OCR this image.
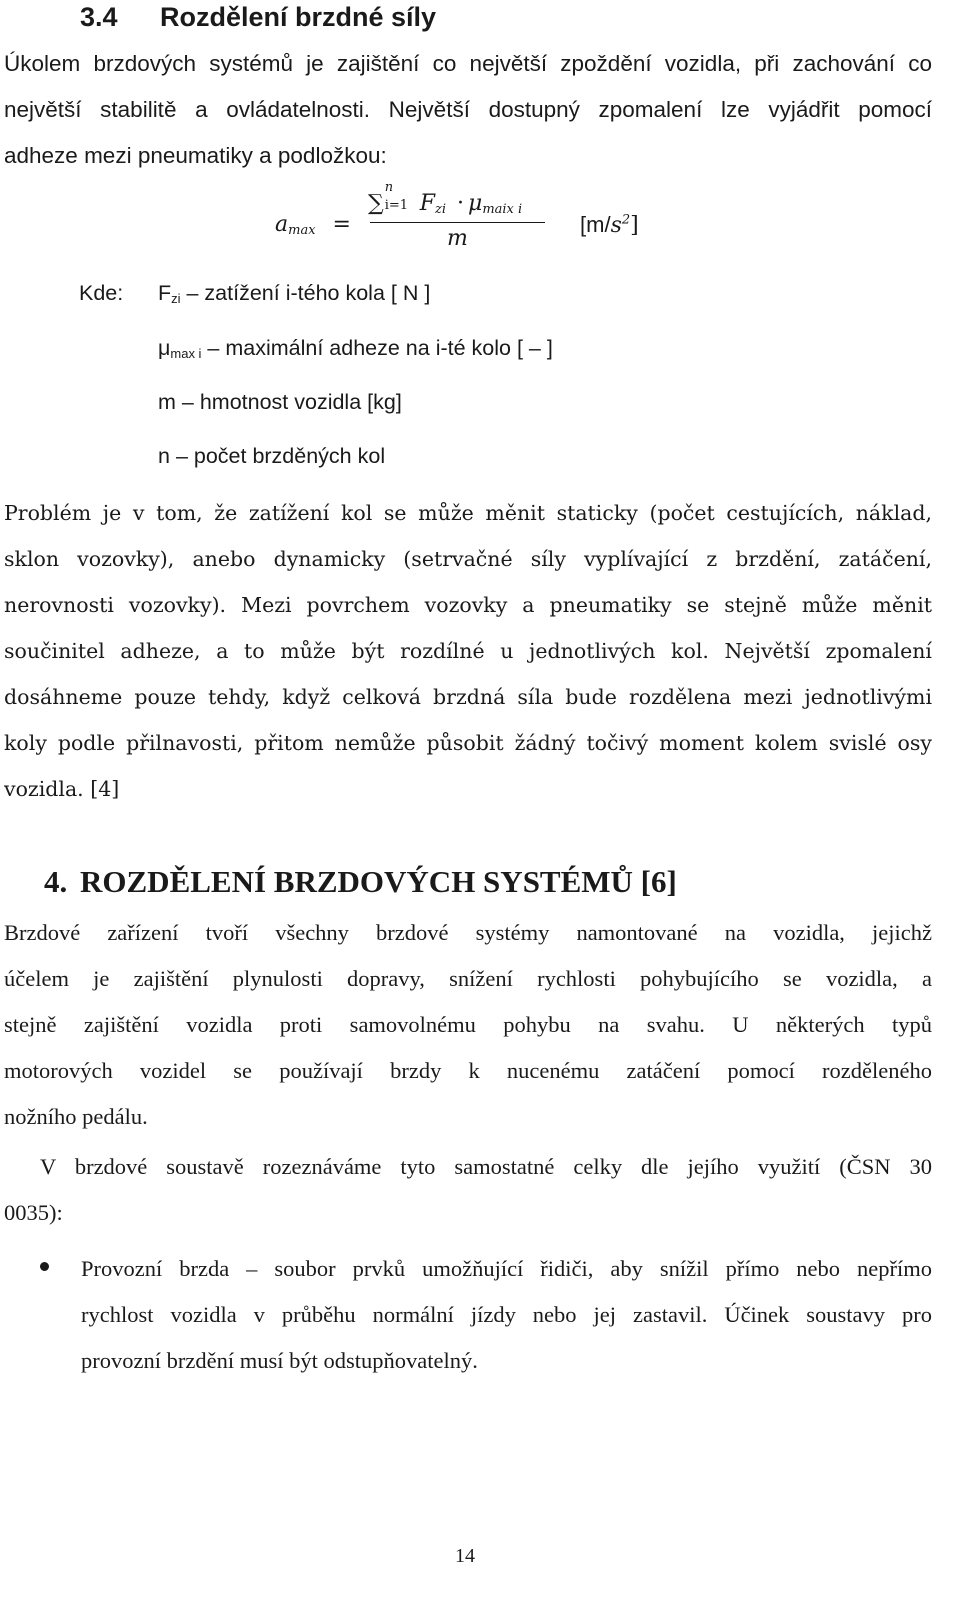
3.4 Rozdělení brzdné síly
Úkolem brzdových systémů je zajištění co největší zpoždění vozidla, při zachování co
největší stabilitě a ovládatelnosti. Největší dostupný zpomalení lze vyjádřit pomocí
adheze mezi pneumatiky a podložkou:
$a_{max}$ =
∑
n
i=1 $F_{zi} \cdot \mu_{maix i}$
m
$[m/s^2]$
Kde: $F_{zi}$ – zatížení i-tého kola [ N ]
$\mu_{max i}$ – maximální adheze na i-té kolo [ – ]
m – hmotnost vozidla [kg]
n – počet brzděných kol
Problém je v tom, že zatížení kol se může měnit staticky (počet cestujících, náklad,
sklon vozovky), anebo dynamicky (setrvačné síly vyplívající z brzdění, zatáčení,
nerovnosti vozovky). Mezi povrchem vozovky a pneumatiky se stejně může měnit
součinitel adheze, a to může být rozdílné u jednotlivých kol. Největší zpomalení
dosáhneme pouze tehdy, když celková brzdná síla bude rozdělena mezi jednotlivými
koly podle přilnavosti, přitom nemůže působit žádný točivý moment kolem svislé osy
vozidla. [4]
4. ROZDĚLENÍ BRZDOVÝCH SYSTÉMŮ [6]
Brzdové zařízení tvoří všechny brzdové systémy namontované na vozidla, jejichž
účelem je zajištění plynulosti dopravy, snížení rychlosti pohybujícího se vozidla, a
stejně zajištění vozidla proti samovolnému pohybu na svahu. U některých typů
motorových vozidel se používají brzdy k nucenému zatáčení pomocí rozděleného
nožního pedálu.
V brzdové soustavě rozeznáváme tyto samostatné celky dle jejího využití (ČSN 30
0035):
Provozní brzda – soubor prvků umožňující řidiči, aby snížil přímo nebo nepřímo
rychlost vozidla v průběhu normální jízdy nebo jej zastavil. Účinek soustavy pro
provozní brzdění musí být odstupňovatelný.
14
